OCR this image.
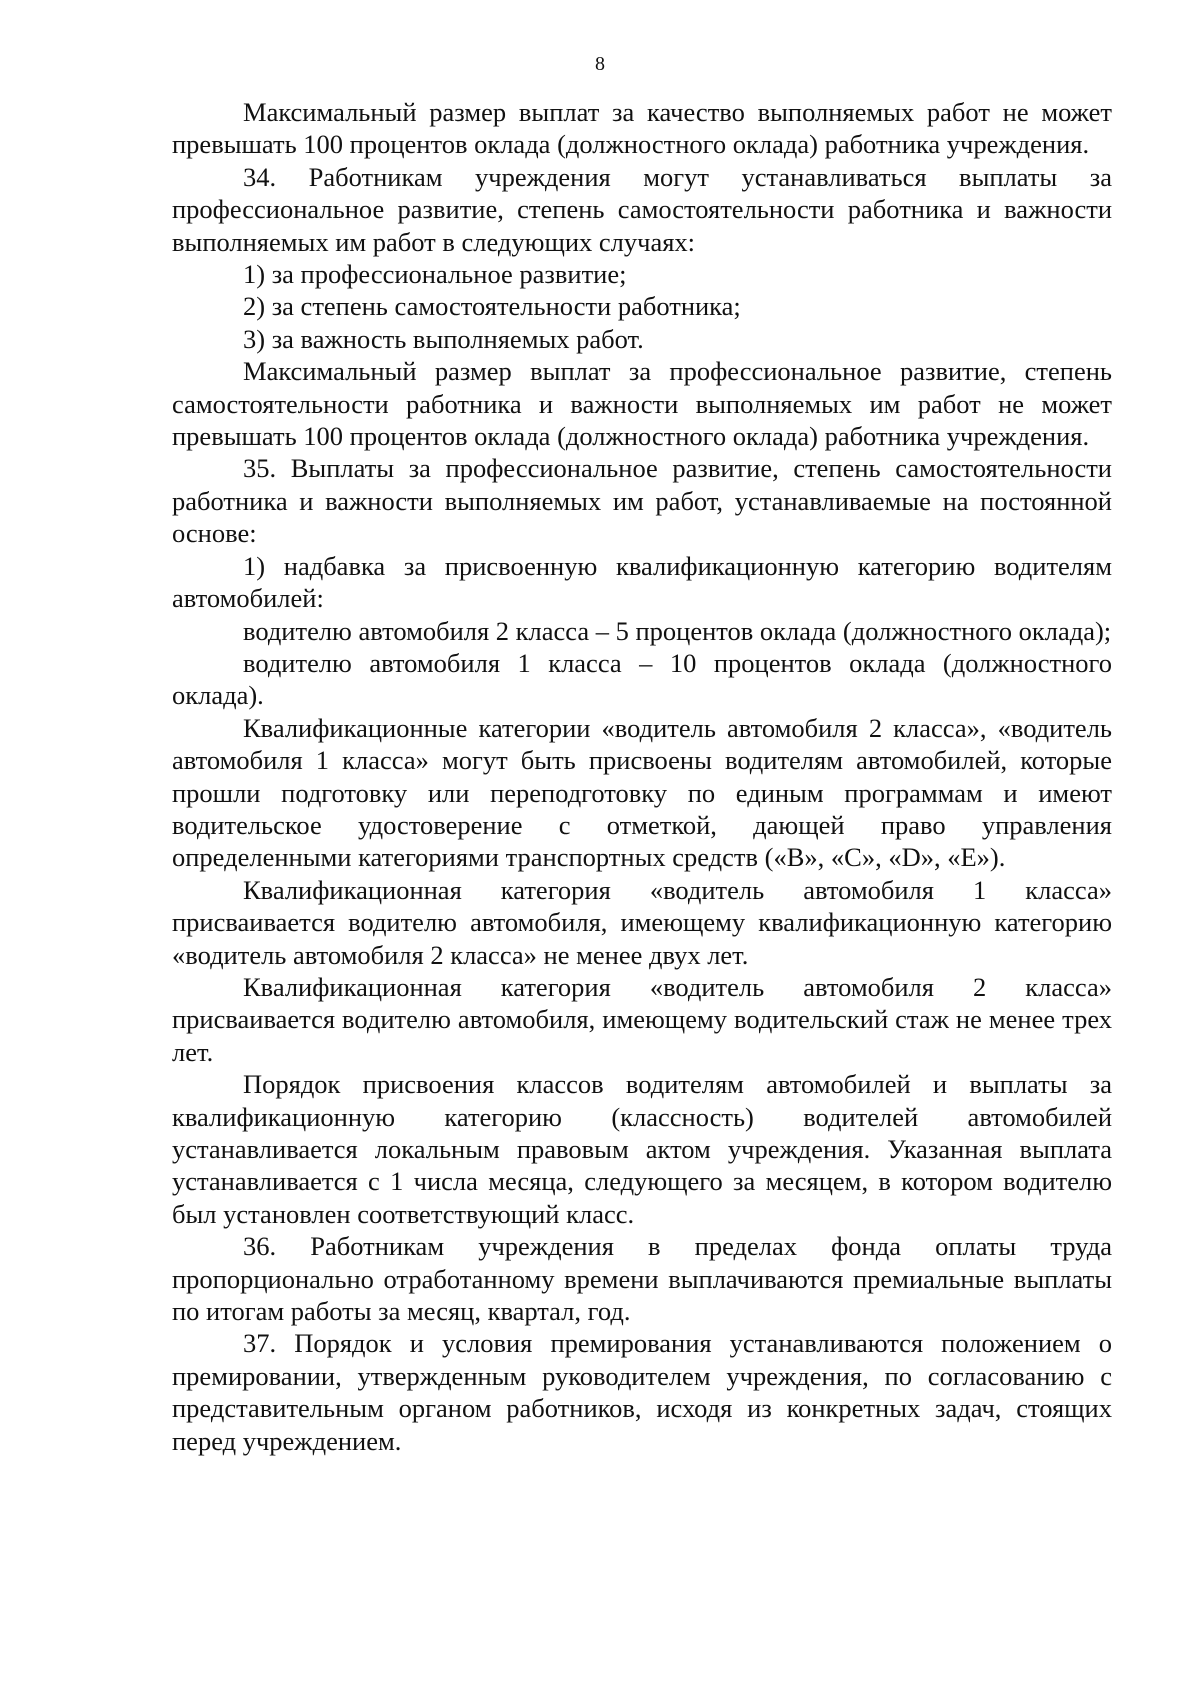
8

Максимальный размер выплат за качество выполняемых работ не может превышать 100 процентов оклада (должностного оклада) работника учреждения.

34. Работникам учреждения могут устанавливаться выплаты за профессиональное развитие, степень самостоятельности работника и важности выполняемых им работ в следующих случаях:

1) за профессиональное развитие;

2) за степень самостоятельности работника;

3) за важность выполняемых работ.

Максимальный размер выплат за профессиональное развитие, степень самостоятельности работника и важности выполняемых им работ не может превышать 100 процентов оклада (должностного оклада) работника учреждения.

35. Выплаты за профессиональное развитие, степень самостоятельности работника и важности выполняемых им работ, устанавливаемые на постоянной основе:

1) надбавка за присвоенную квалификационную категорию водителям автомобилей:

водителю автомобиля 2 класса – 5 процентов оклада (должностного оклада);

водителю автомобиля 1 класса – 10 процентов оклада (должностного оклада).

Квалификационные категории «водитель автомобиля 2 класса», «водитель автомобиля 1 класса» могут быть присвоены водителям автомобилей, которые прошли подготовку или переподготовку по единым программам и имеют водительское удостоверение с отметкой, дающей право управления определенными категориями транспортных средств («B», «C», «D», «E»).

Квалификационная категория «водитель автомобиля 1 класса» присваивается водителю автомобиля, имеющему квалификационную категорию «водитель автомобиля 2 класса» не менее двух лет.

Квалификационная категория «водитель автомобиля 2 класса» присваивается водителю автомобиля, имеющему водительский стаж не менее трех лет.

Порядок присвоения классов водителям автомобилей и выплаты за квалификационную категорию (классность) водителей автомобилей устанавливается локальным правовым актом учреждения. Указанная выплата устанавливается с 1 числа месяца, следующего за месяцем, в котором водителю был установлен соответствующий класс.

36. Работникам учреждения в пределах фонда оплаты труда пропорционально отработанному времени выплачиваются премиальные выплаты по итогам работы за месяц, квартал, год.

37. Порядок и условия премирования устанавливаются положением о премировании, утвержденным руководителем учреждения, по согласованию с представительным органом работников, исходя из конкретных задач, стоящих перед учреждением.
